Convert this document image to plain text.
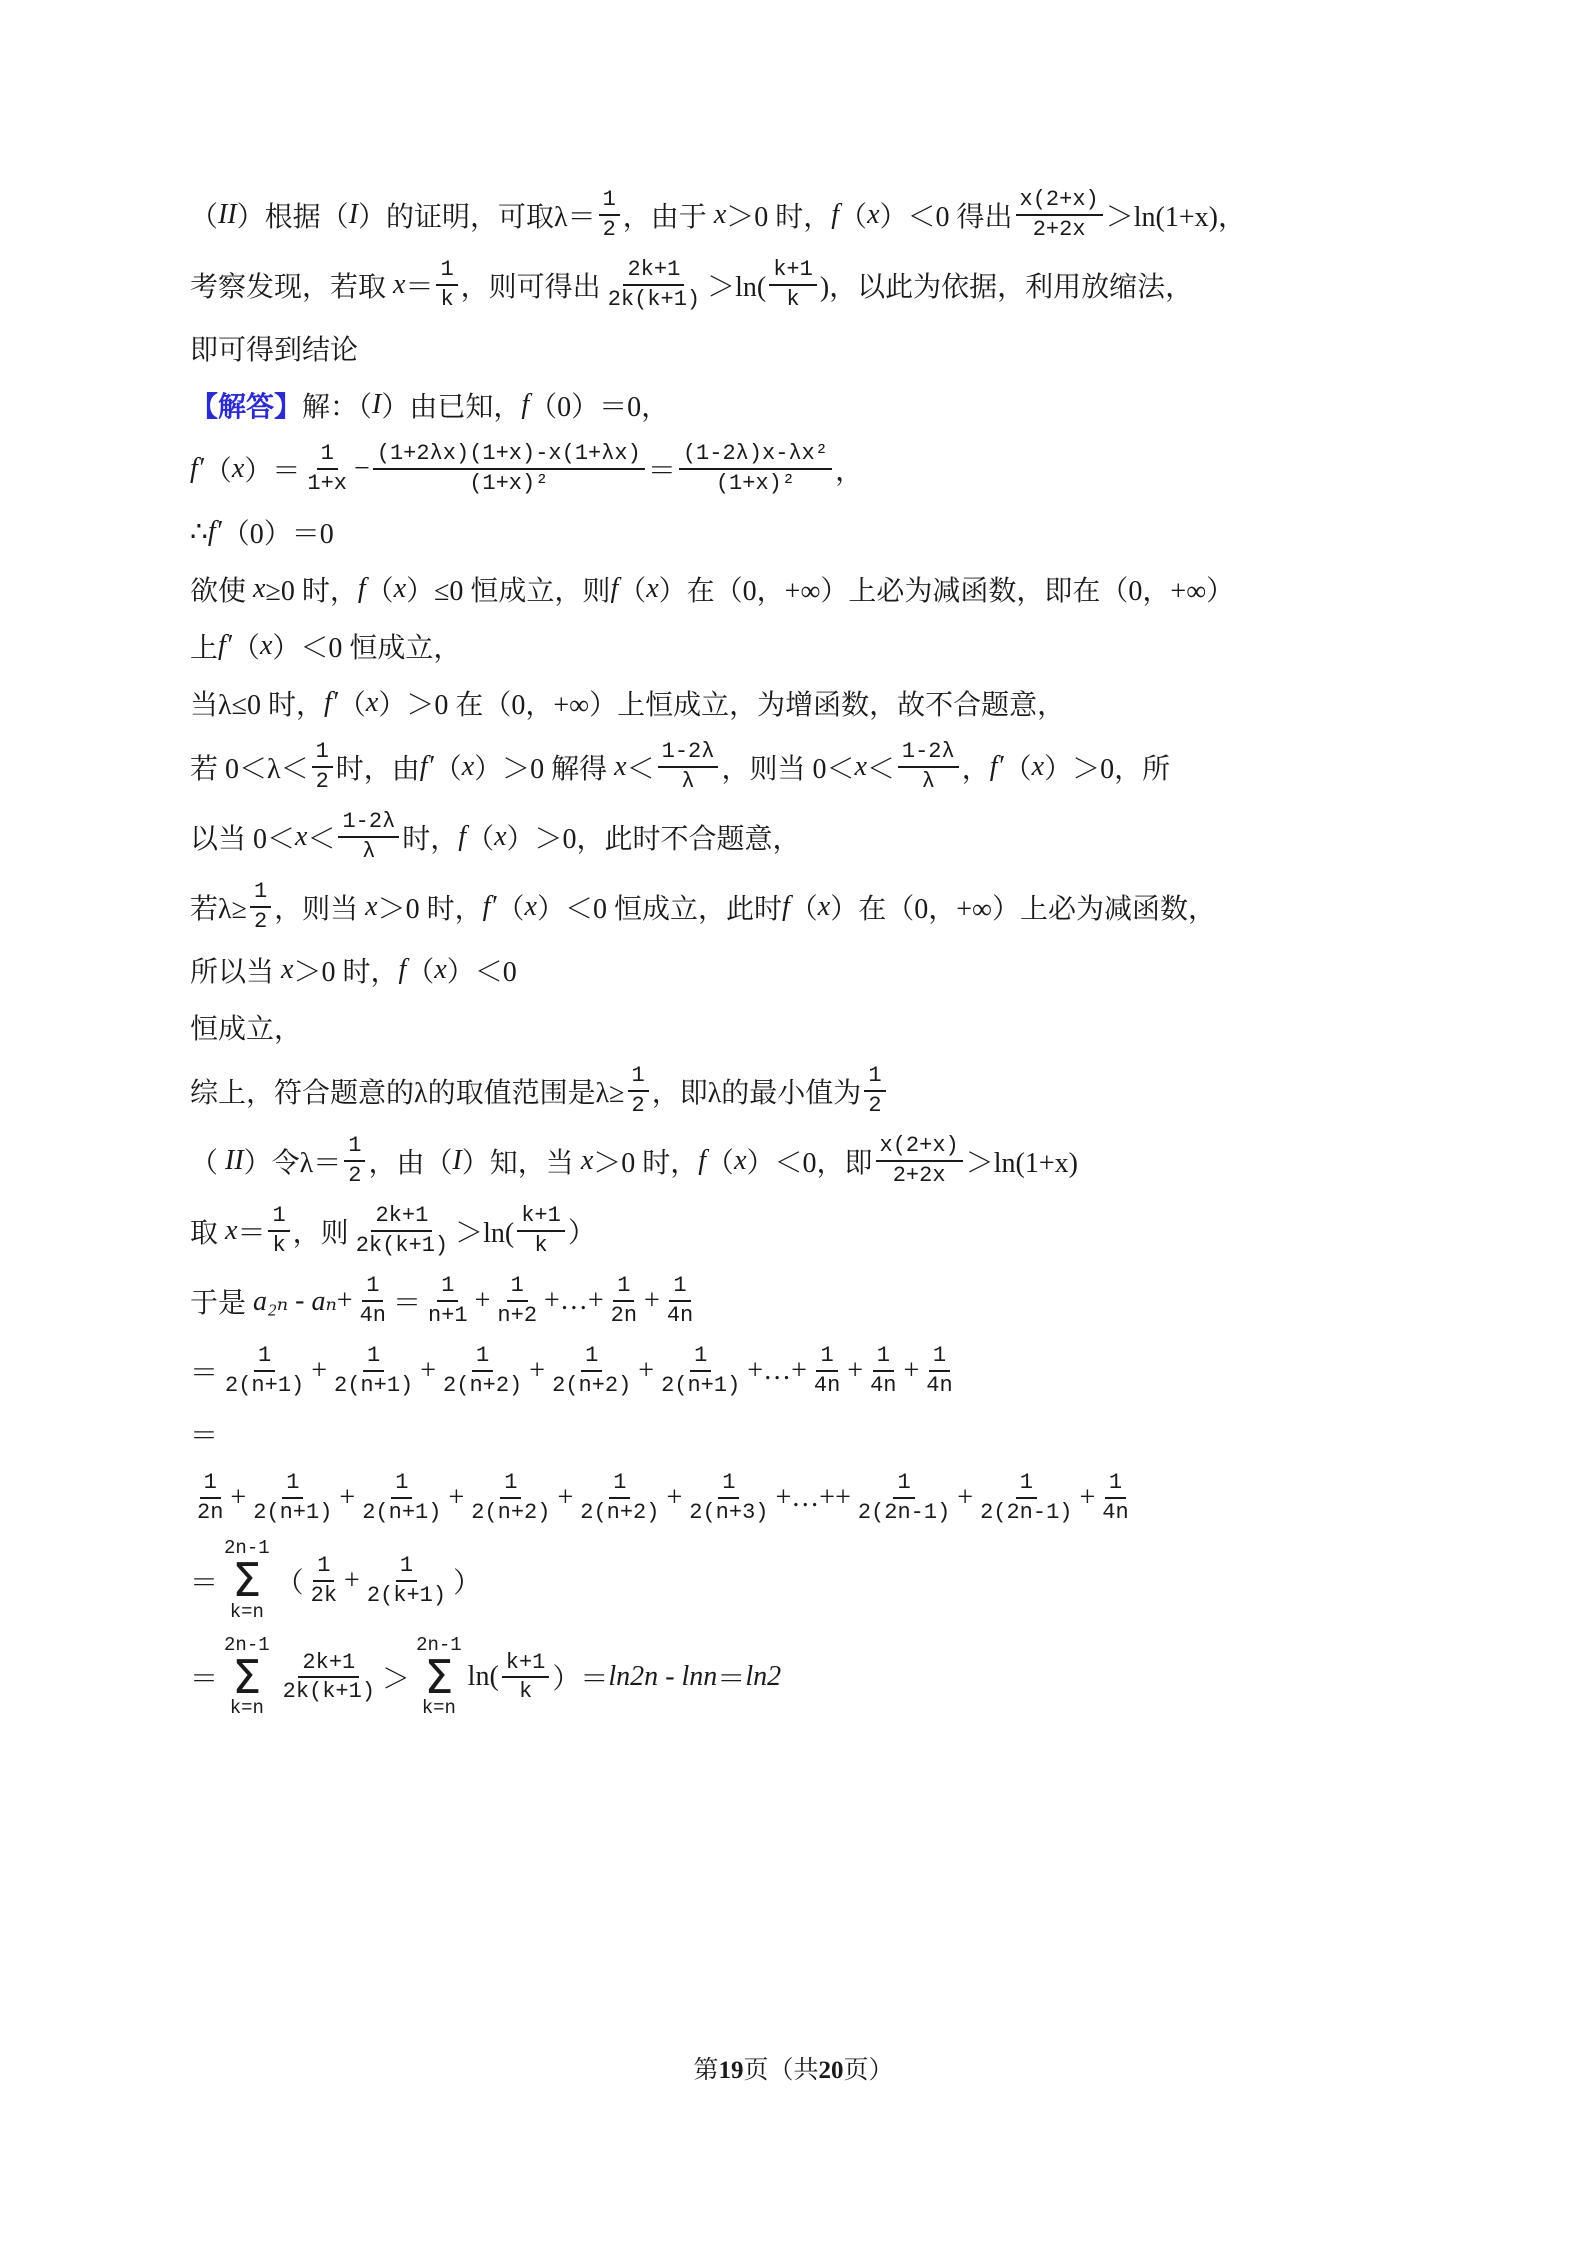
（ II ）根据（ I ）的证明，可取$\lambda= \frac{1}{2}$ ，由于 x ＞0 时， f （ x ）＜0 得出 $\frac{x(2+x)}{2+2x} >\ln(1+x)$，
考察发现，若取 $x = \frac{1}{k}$ ，则可得出 $\frac{2k+1}{2k(k+1)} >\ln( \frac{k+1}{k}$ )，以此为依据，利用放缩法，
即可得到结论
【解答】 解：（ I ）由已知， f （0）＝0，
f′ （ x ）＝ $\frac{1}{1+x} - \frac{(1+2\lambda x)(1+x)-x(1+\lambda x)}{\text{(1+x)²}} = \frac{\text{(1-2λ)x-λx²}}{\text{(1+x)²}}$ ，
∴ f′ （0）＝0
欲使 x ≥0 时， f （ x ）≤0 恒成立，则 f （ x ）在（0，+∞）上必为减函数，即在（0，+∞）
上 f′ （ x ）＜0 恒成立，
当λ≤0 时， f′ （ x ）＞0 在（0，+∞）上恒成立，为增函数，故不合题意，
若 $0<\lambda< \frac{1}{2}$ 时，由 f′ （ x ）＞0 解得 $x < \frac{1-2\lambda}{\lambda}$ ，则当 $0< x < \frac{1-2\lambda}{\lambda}$ ， f′ （ x ）＞0，所
以当 $0< x < \frac{1-2\lambda}{\lambda}$ 时， f （ x ）＞0，此时不合题意，
若$\lambda\ge \frac{1}{2}$ ，则当 x ＞0 时， f′ （ x ）＜0 恒成立，此时 f （ x ）在（0，+∞）上必为减函数，
所以当 x ＞0 时， f （ x ）＜0
恒成立，
综上，符合题意的λ的取值范围是$\lambda\ge \frac{1}{2}$ ，即λ的最小值为 $\frac{1}{2}$
（ II ）令$\lambda= \frac{1}{2}$ ，由（ I ）知，当 x ＞0 时， f （ x ）＜0，即 $\frac{x(2+x)}{2+2x} >\ln(1+x)$
取 $x = \frac{1}{k}$ ，则 $\frac{2k+1}{2k(k+1)} >\ln( \frac{k+1}{k}$ ）
于是 $a_{2n} - a_n + \frac{1}{4n} = \frac{1}{n+1} + \frac{1}{n+2}$ +…+ $\frac{1}{2n} + \frac{1}{4n}$
＝ $\frac{1}{2(n+1)} + \frac{1}{2(n+1)} + \frac{1}{2(n+2)} + \frac{1}{2(n+2)} + \frac{1}{2(n+1)}$ +…+ $\frac{1}{4n} + \frac{1}{4n} + \frac{1}{4n}$
＝
$\frac{1}{2n} + \frac{1}{2(n+1)} + \frac{1}{2(n+1)} + \frac{1}{2(n+2)} + \frac{1}{2(n+2)} + \frac{1}{2(n+3)}$ +…++ $\frac{1}{2(2n-1)} + \frac{1}{2(2n-1)} + \frac{1}{4n}$
＝
2n-1
Σ
k=n
（ $\frac{1}{2k} + \frac{1}{2(k+1)}$ ）
＝
2n-1
Σ
k=n
$\frac{2k+1}{2k(k+1)}$ ＞
2n-1
Σ
k=n
$\ln( \frac{k+1}{k}$ ）＝ ln2n - lnn ＝ ln2
第19页（共20页）
